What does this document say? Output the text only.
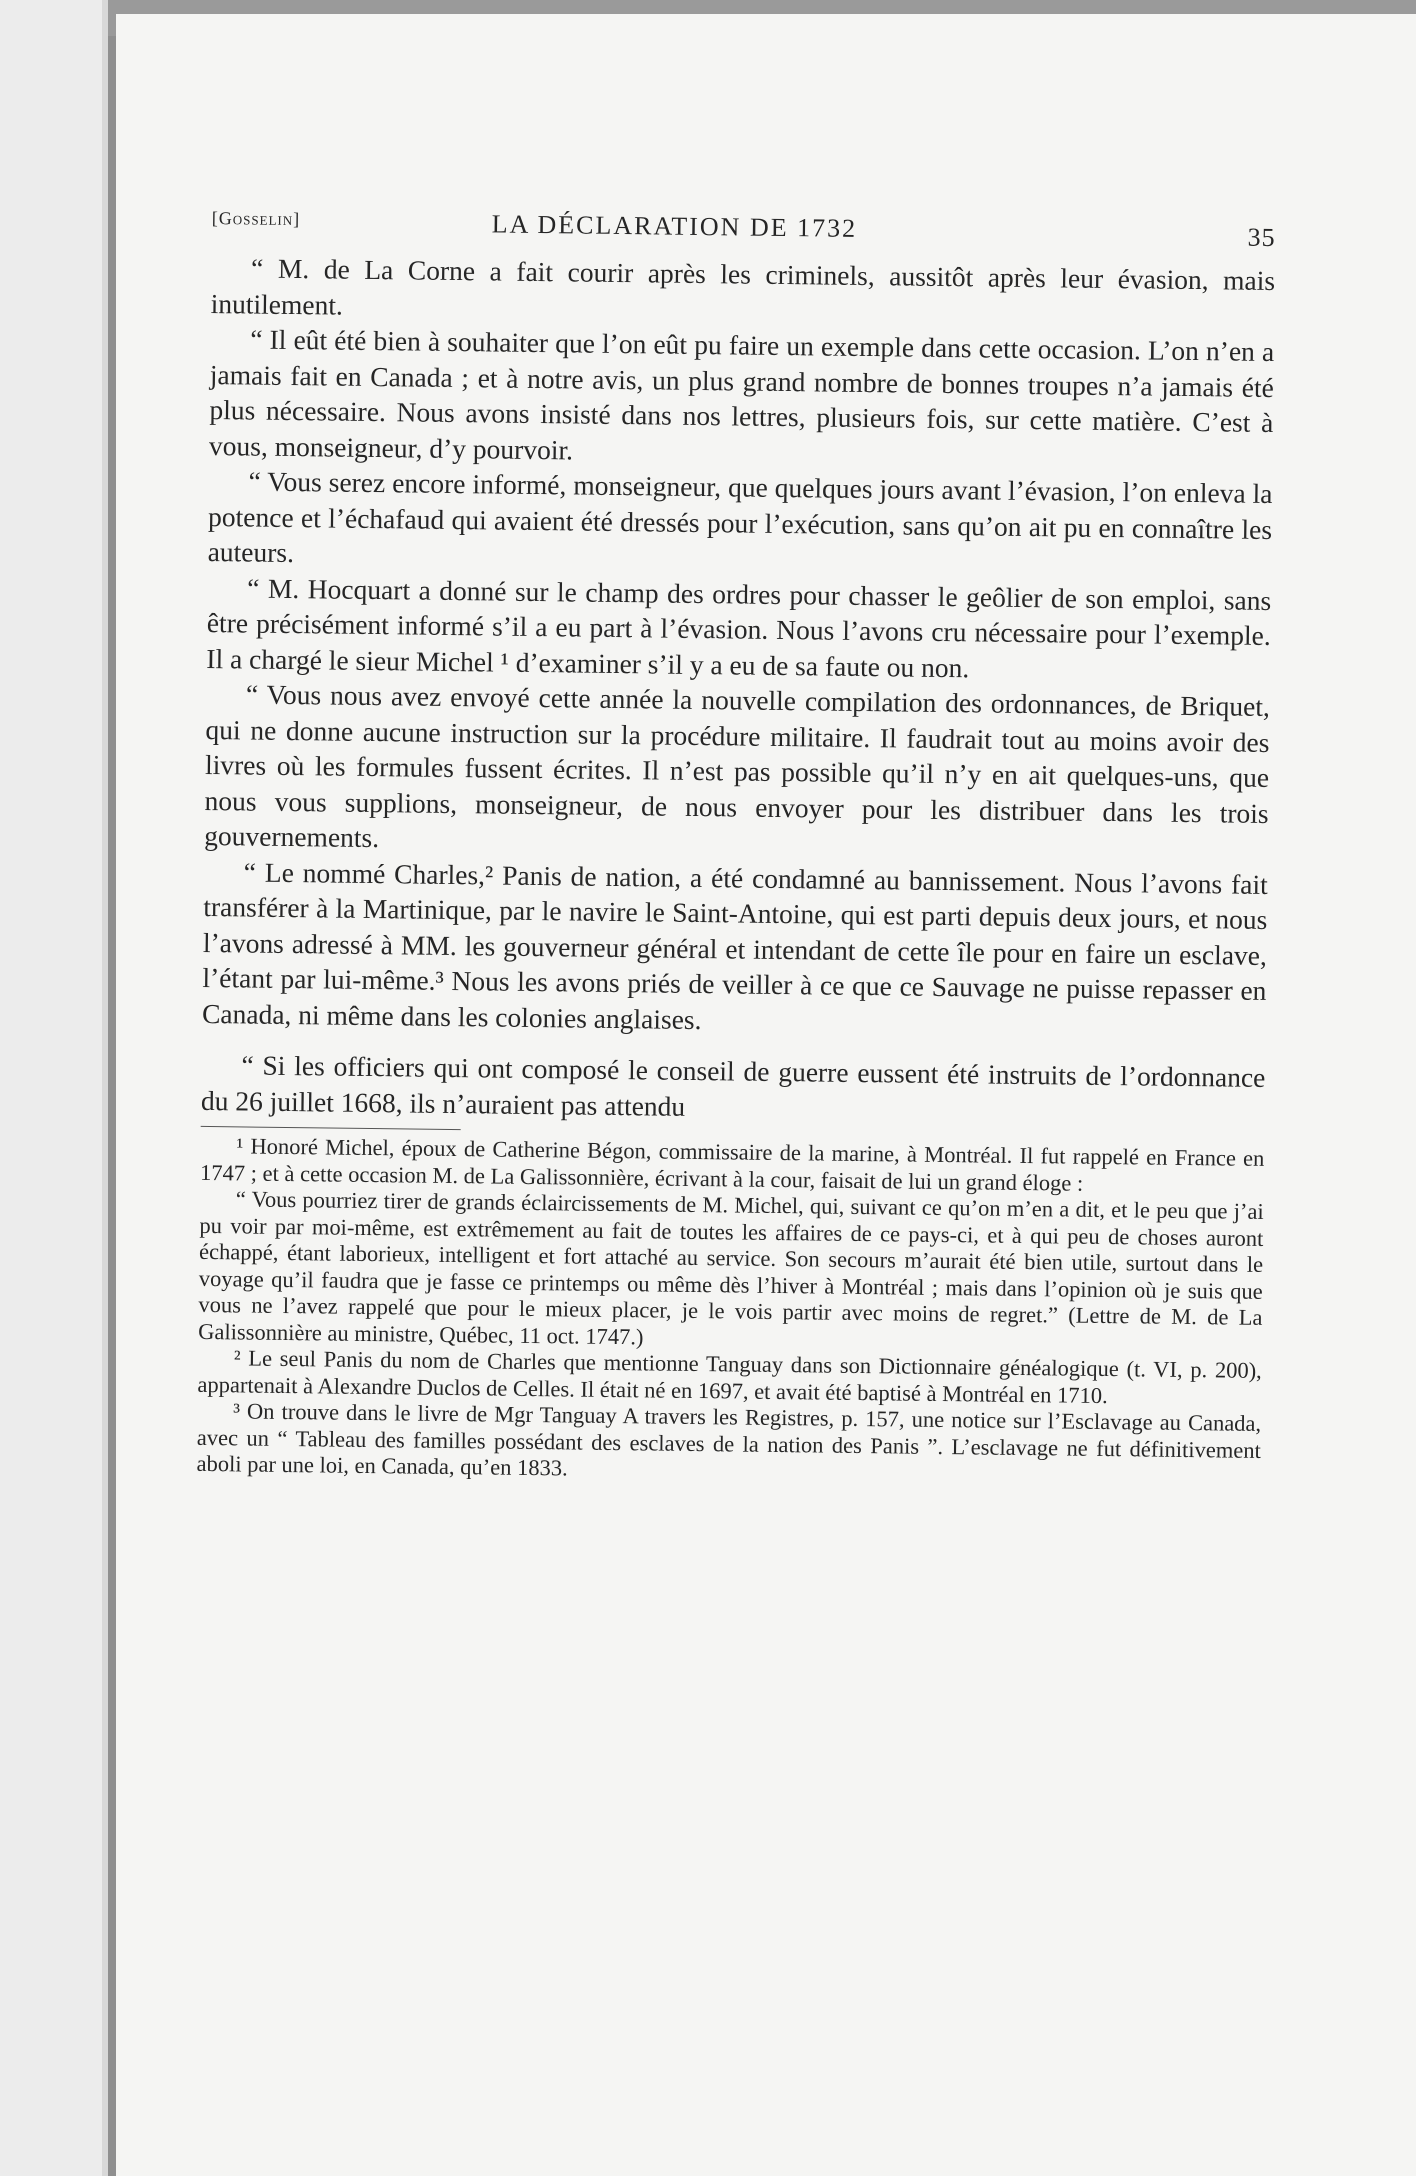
[Gosselin]	LA DÉCLARATION DE 1732	35

“ M. de La Corne a fait courir après les criminels, aussitôt après leur évasion, mais inutilement.

“ Il eût été bien à souhaiter que l’on eût pu faire un exemple dans cette occasion. L’on n’en a jamais fait en Canada ; et à notre avis, un plus grand nombre de bonnes troupes n’a jamais été plus nécessaire. Nous avons insisté dans nos lettres, plusieurs fois, sur cette matière. C’est à vous, monseigneur, d’y pourvoir.

“ Vous serez encore informé, monseigneur, que quelques jours avant l’évasion, l’on enleva la potence et l’échafaud qui avaient été dressés pour l’exécution, sans qu’on ait pu en connaître les auteurs.

“ M. Hocquart a donné sur le champ des ordres pour chasser le geôlier de son emploi, sans être précisément informé s’il a eu part à l’évasion. Nous l’avons cru nécessaire pour l’exemple. Il a chargé le sieur Michel ¹ d’examiner s’il y a eu de sa faute ou non.

“ Vous nous avez envoyé cette année la nouvelle compilation des ordonnances, de Briquet, qui ne donne aucune instruction sur la procédure militaire. Il faudrait tout au moins avoir des livres où les formules fussent écrites. Il n’est pas possible qu’il n’y en ait quelques-uns, que nous vous supplions, monseigneur, de nous envoyer pour les distribuer dans les trois gouvernements.

“ Le nommé Charles,² Panis de nation, a été condamné au bannissement. Nous l’avons fait transférer à la Martinique, par le navire le Saint-Antoine, qui est parti depuis deux jours, et nous l’avons adressé à MM. les gouverneur général et intendant de cette île pour en faire un esclave, l’étant par lui-même.³ Nous les avons priés de veiller à ce que ce Sauvage ne puisse repasser en Canada, ni même dans les colonies anglaises.

“ Si les officiers qui ont composé le conseil de guerre eussent été instruits de l’ordonnance du 26 juillet 1668, ils n’auraient pas attendu

¹ Honoré Michel, époux de Catherine Bégon, commissaire de la marine, à Montréal. Il fut rappelé en France en 1747 ; et à cette occasion M. de La Galissonnière, écrivant à la cour, faisait de lui un grand éloge :

“ Vous pourriez tirer de grands éclaircissements de M. Michel, qui, suivant ce qu’on m’en a dit, et le peu que j’ai pu voir par moi-même, est extrêmement au fait de toutes les affaires de ce pays-ci, et à qui peu de choses auront échappé, étant laborieux, intelligent et fort attaché au service. Son secours m’aurait été bien utile, surtout dans le voyage qu’il faudra que je fasse ce printemps ou même dès l’hiver à Montréal ; mais dans l’opinion où je suis que vous ne l’avez rappelé que pour le mieux placer, je le vois partir avec moins de regret.” (Lettre de M. de La Galissonnière au ministre, Québec, 11 oct. 1747.)

² Le seul Panis du nom de Charles que mentionne Tanguay dans son Dictionnaire généalogique (t. VI, p. 200), appartenait à Alexandre Duclos de Celles. Il était né en 1697, et avait été baptisé à Montréal en 1710.

³ On trouve dans le livre de Mgr Tanguay A travers les Registres, p. 157, une notice sur l’Esclavage au Canada, avec un “ Tableau des familles possédant des esclaves de la nation des Panis ”. L’esclavage ne fut définitivement aboli par une loi, en Canada, qu’en 1833.
